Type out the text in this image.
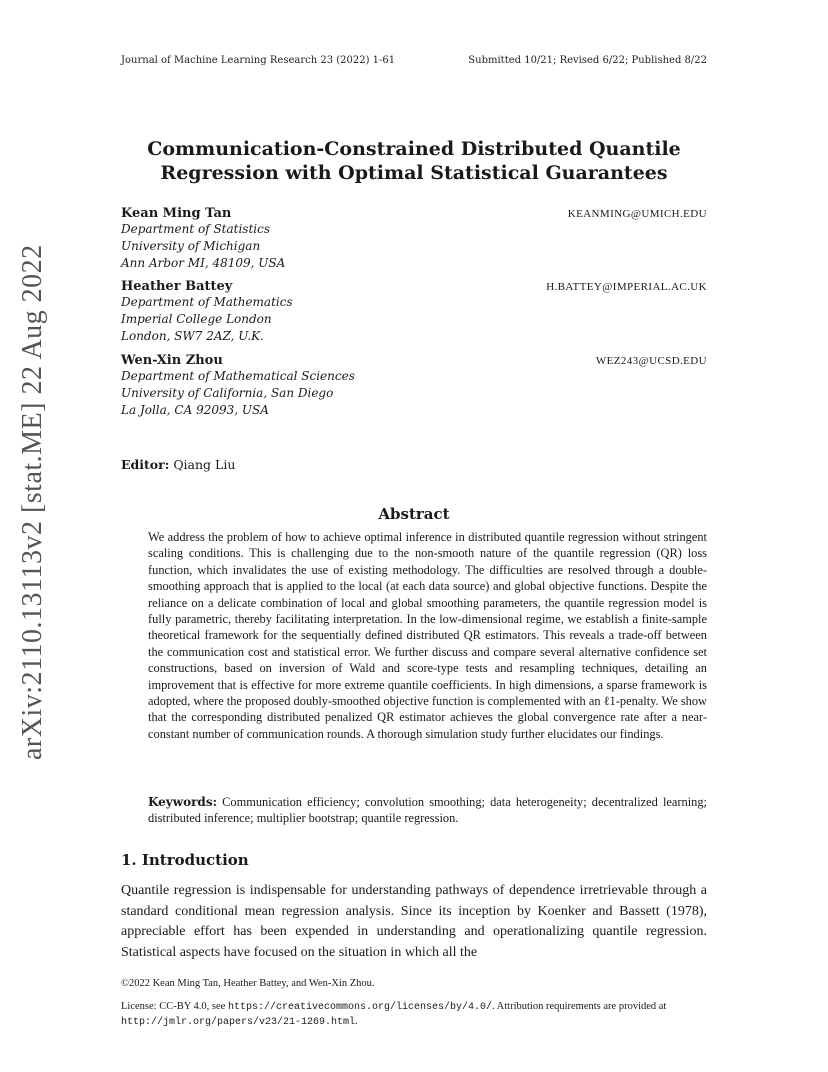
Journal of Machine Learning Research 23 (2022) 1-61	Submitted 10/21; Revised 6/22; Published 8/22
Communication-Constrained Distributed Quantile
Regression with Optimal Statistical Guarantees
Kean Ming Tan	KEANMING@UMICH.EDU
Department of Statistics
University of Michigan
Ann Arbor MI, 48109, USA
Heather Battey	H.BATTEY@IMPERIAL.AC.UK
Department of Mathematics
Imperial College London
London, SW7 2AZ, U.K.
Wen-Xin Zhou	WEZ243@UCSD.EDU
Department of Mathematical Sciences
University of California, San Diego
La Jolla, CA 92093, USA
Editor: Qiang Liu
Abstract
We address the problem of how to achieve optimal inference in distributed quantile regression without stringent scaling conditions. This is challenging due to the non-smooth nature of the quantile regression (QR) loss function, which invalidates the use of existing methodology. The difficulties are resolved through a double-smoothing approach that is applied to the local (at each data source) and global objective functions. Despite the reliance on a delicate combination of local and global smoothing parameters, the quantile regression model is fully parametric, thereby facilitating interpretation. In the low-dimensional regime, we establish a finite-sample theoretical framework for the sequentially defined distributed QR estimators. This reveals a trade-off between the communication cost and statistical error. We further discuss and compare several alternative confidence set constructions, based on inversion of Wald and score-type tests and resampling techniques, detailing an improvement that is effective for more extreme quantile coefficients. In high dimensions, a sparse framework is adopted, where the proposed doubly-smoothed objective function is complemented with an ℓ1-penalty. We show that the corresponding distributed penalized QR estimator achieves the global convergence rate after a near-constant number of communication rounds. A thorough simulation study further elucidates our findings.
Keywords: Communication efficiency; convolution smoothing; data heterogeneity; decentralized learning; distributed inference; multiplier bootstrap; quantile regression.
1. Introduction
Quantile regression is indispensable for understanding pathways of dependence irretrievable through a standard conditional mean regression analysis. Since its inception by Koenker and Bassett (1978), appreciable effort has been expended in understanding and operationalizing quantile regression. Statistical aspects have focused on the situation in which all the
©2022 Kean Ming Tan, Heather Battey, and Wen-Xin Zhou.
License: CC-BY 4.0, see https://creativecommons.org/licenses/by/4.0/. Attribution requirements are provided at http://jmlr.org/papers/v23/21-1269.html.
arXiv:2110.13113v2 [stat.ME] 22 Aug 2022
